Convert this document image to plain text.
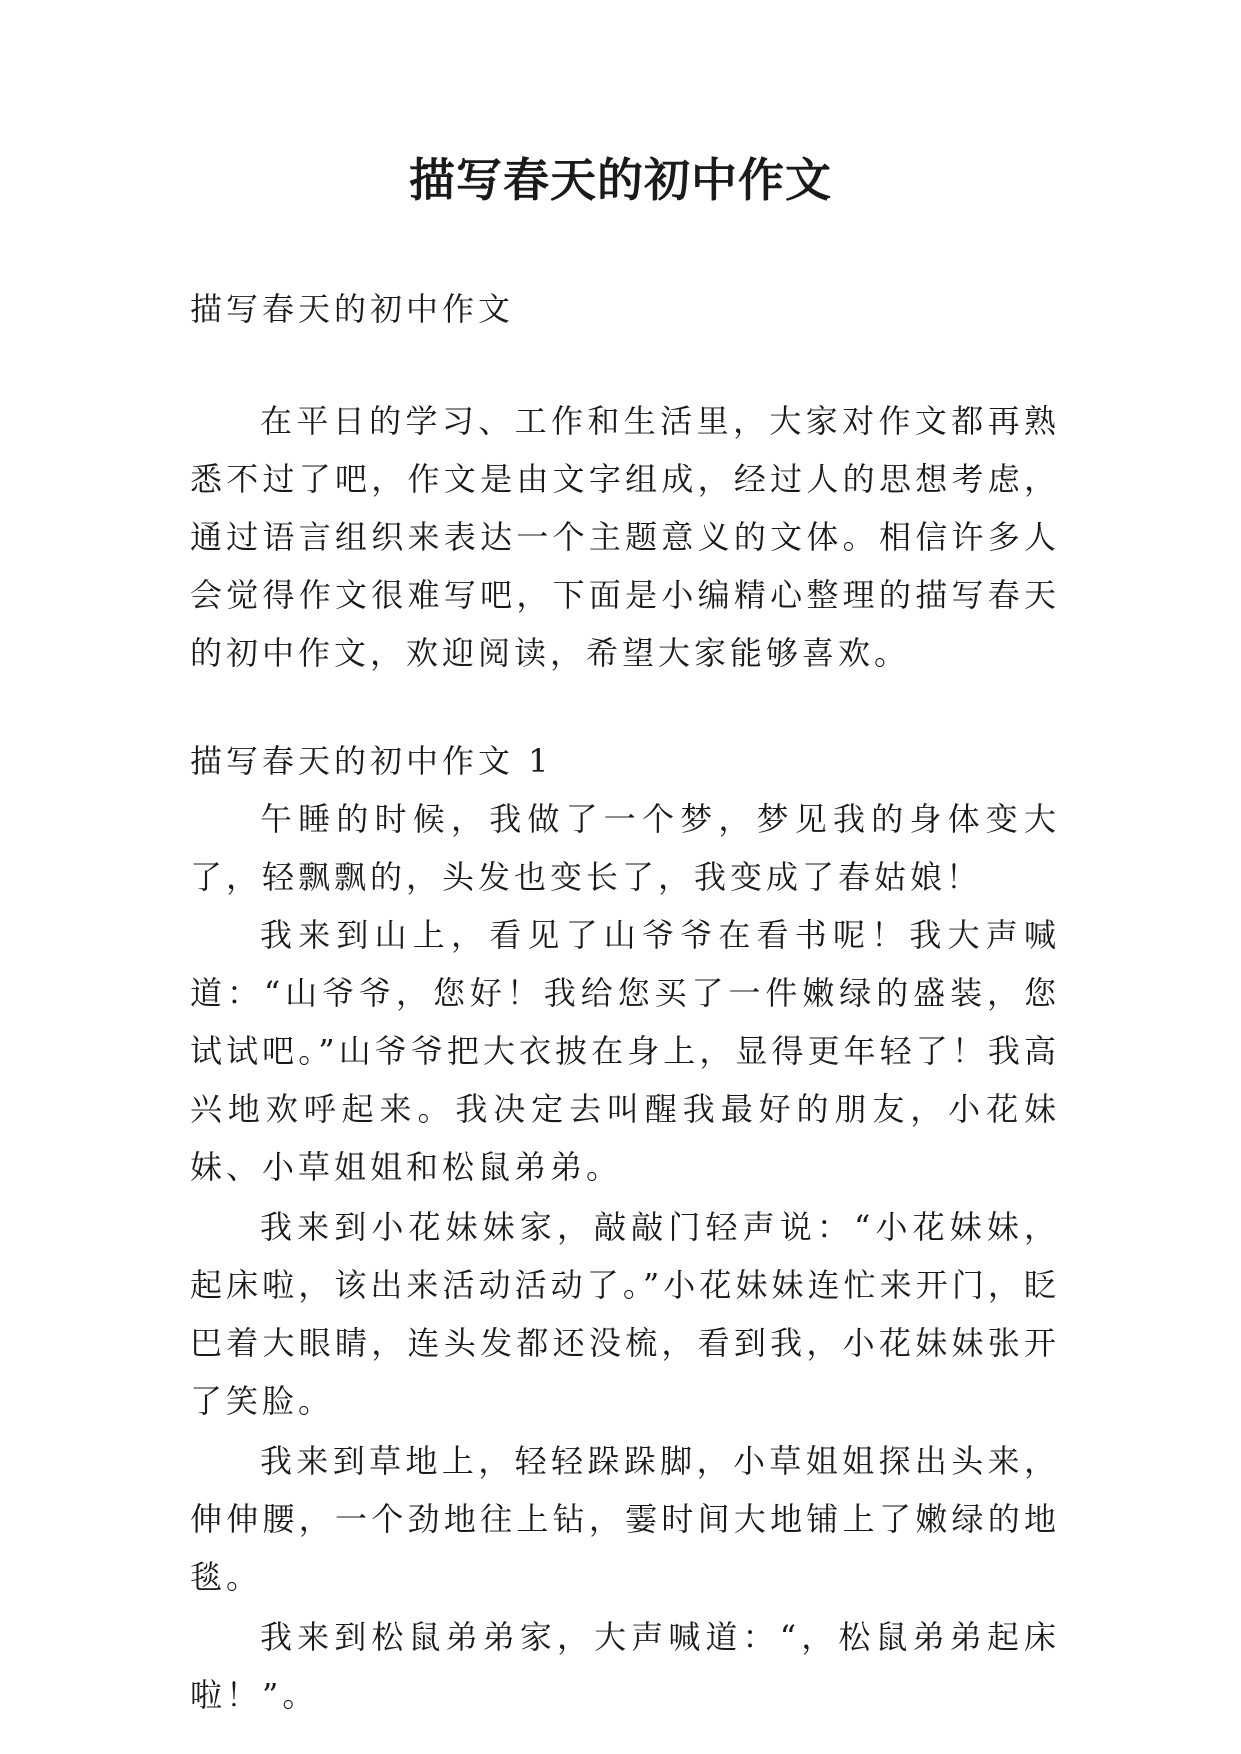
描写春天的初中作文

描写春天的初中作文

在平日的学习、工作和生活里，大家对作文都再熟悉不过了吧，作文是由文字组成，经过人的思想考虑，通过语言组织来表达一个主题意义的文体。相信许多人会觉得作文很难写吧，下面是小编精心整理的描写春天的初中作文，欢迎阅读，希望大家能够喜欢。

描写春天的初中作文 1

午睡的时候，我做了一个梦，梦见我的身体变大了，轻飘飘的，头发也变长了，我变成了春姑娘！

我来到山上，看见了山爷爷在看书呢！我大声喊道：“山爷爷，您好！我给您买了一件嫩绿的盛装，您试试吧。”山爷爷把大衣披在身上，显得更年轻了！我高兴地欢呼起来。我决定去叫醒我最好的朋友，小花妹妹、小草姐姐和松鼠弟弟。

我来到小花妹妹家，敲敲门轻声说：“小花妹妹，起床啦，该出来活动活动了。”小花妹妹连忙来开门，眨巴着大眼睛，连头发都还没梳，看到我，小花妹妹张开了笑脸。

我来到草地上，轻轻跺跺脚，小草姐姐探出头来，伸伸腰，一个劲地往上钻，霎时间大地铺上了嫩绿的地毯。

我来到松鼠弟弟家，大声喊道：“，松鼠弟弟起床啦！”。
